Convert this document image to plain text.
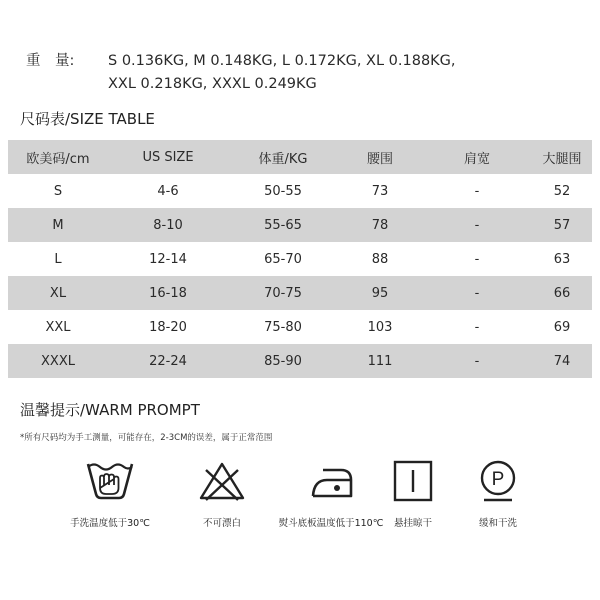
重　量: S 0.136KG, M 0.148KG, L 0.172KG, XL 0.188KG,
XXL 0.218KG, XXXL 0.249KG
尺码表/SIZE TABLE
欧美码/cm	US SIZE	体重/KG	腰围	肩宽	大腿围
S	4-6	50-55	73	-	52
M	8-10	55-65	78	-	57
L	12-14	65-70	88	-	63
XL	16-18	70-75	95	-	66
XXL	18-20	75-80	103	-	69
XXXL	22-24	85-90	111	-	74
温馨提示/WARM PROMPT
*所有尺码均为手工测量，可能存在，2-3CM的误差，属于正常范围
手洗温度低于30℃	不可漂白	熨斗底板温度低于110℃	悬挂晾干
P
缓和干洗
